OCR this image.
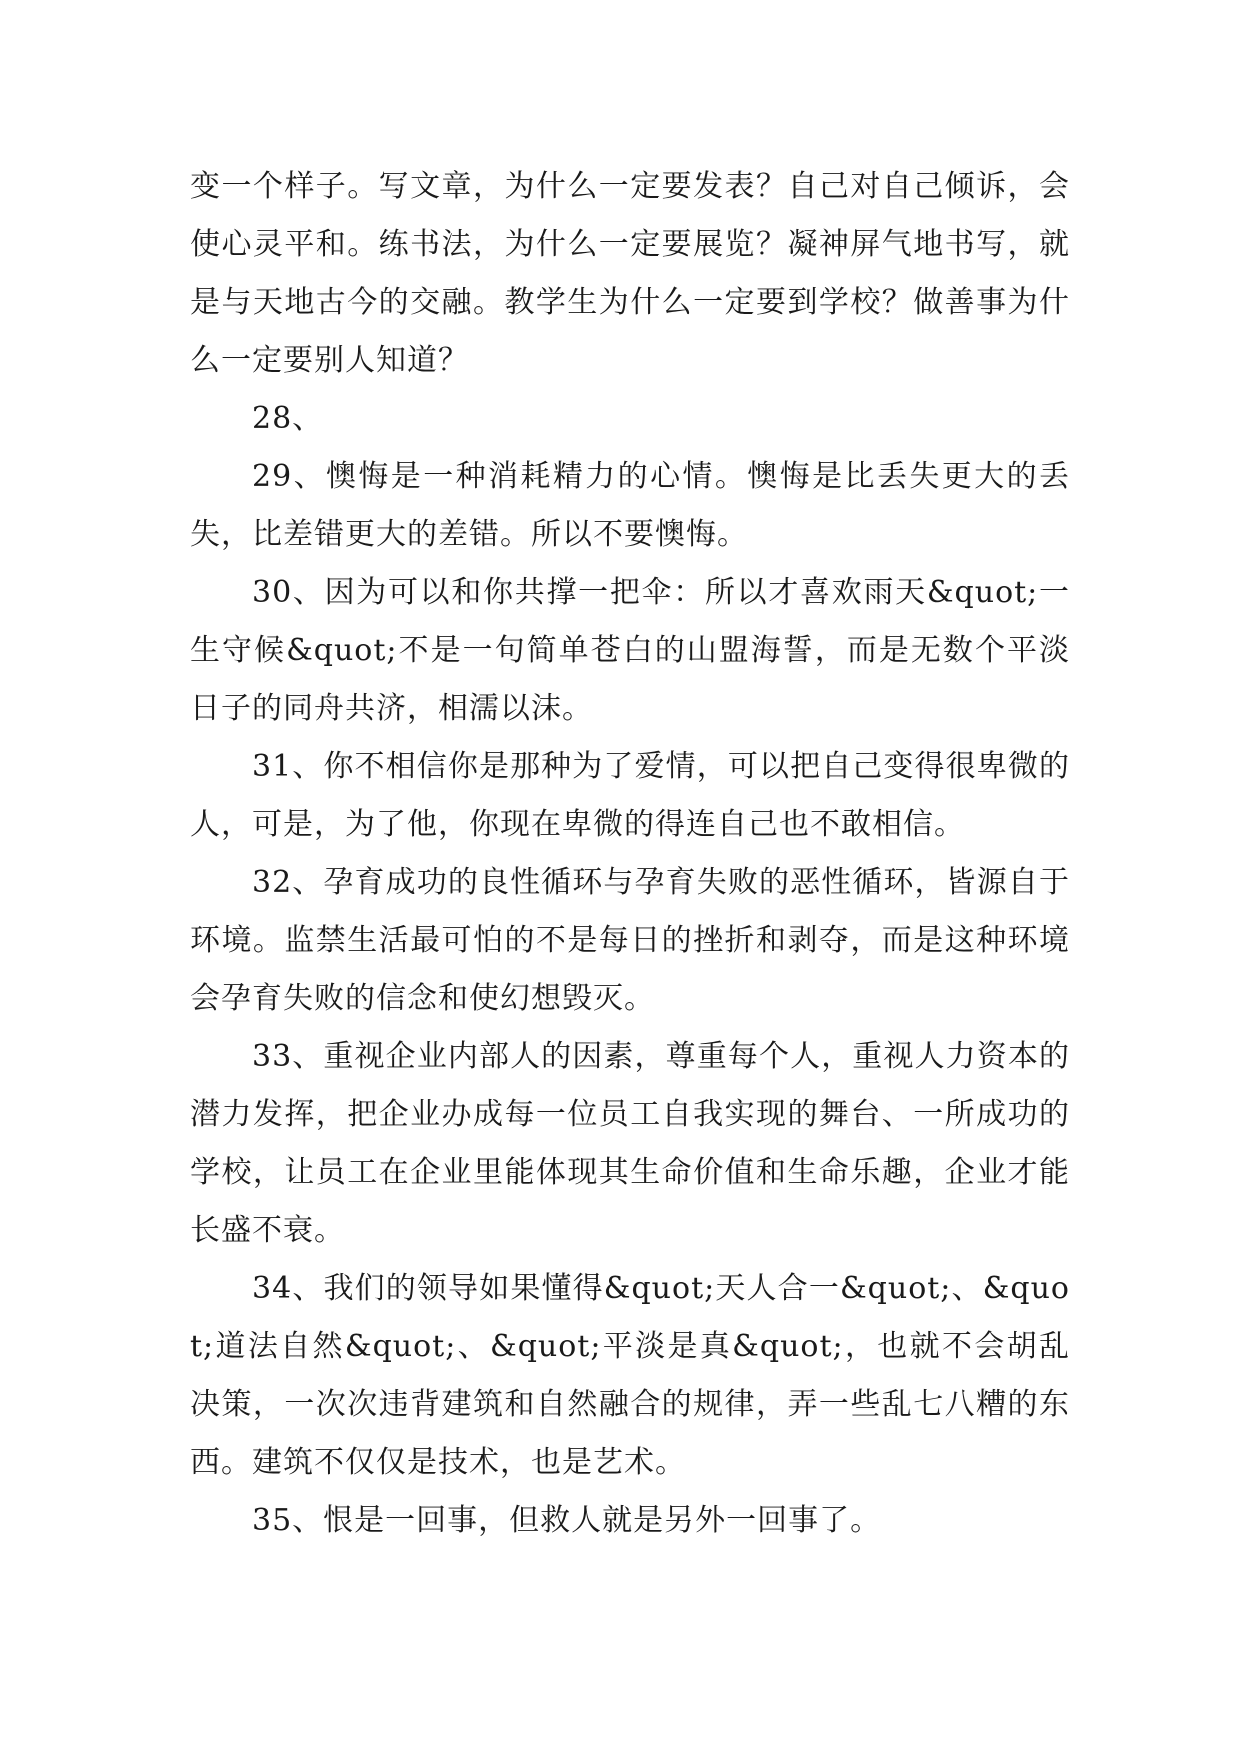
变一个样子。写文章，为什么一定要发表？自己对自己倾诉，会使心灵平和。练书法，为什么一定要展览？凝神屏气地书写，就是与天地古今的交融。教学生为什么一定要到学校？做善事为什么一定要别人知道？

28、

29、懊悔是一种消耗精力的心情。懊悔是比丢失更大的丢失，比差错更大的差错。所以不要懊悔。

30、因为可以和你共撑一把伞：所以才喜欢雨天&quot;一生守候&quot;不是一句简单苍白的山盟海誓，而是无数个平淡日子的同舟共济，相濡以沫。

31、你不相信你是那种为了爱情，可以把自己变得很卑微的人，可是，为了他，你现在卑微的得连自己也不敢相信。

32、孕育成功的良性循环与孕育失败的恶性循环，皆源自于环境。监禁生活最可怕的不是每日的挫折和剥夺，而是这种环境会孕育失败的信念和使幻想毁灭。

33、重视企业内部人的因素，尊重每个人，重视人力资本的潜力发挥，把企业办成每一位员工自我实现的舞台、一所成功的学校，让员工在企业里能体现其生命价值和生命乐趣，企业才能长盛不衰。

34、我们的领导如果懂得&quot;天人合一&quot;、&quot;道法自然&quot;、&quot;平淡是真&quot;，也就不会胡乱决策，一次次违背建筑和自然融合的规律，弄一些乱七八糟的东西。建筑不仅仅是技术，也是艺术。

35、恨是一回事，但救人就是另外一回事了。
